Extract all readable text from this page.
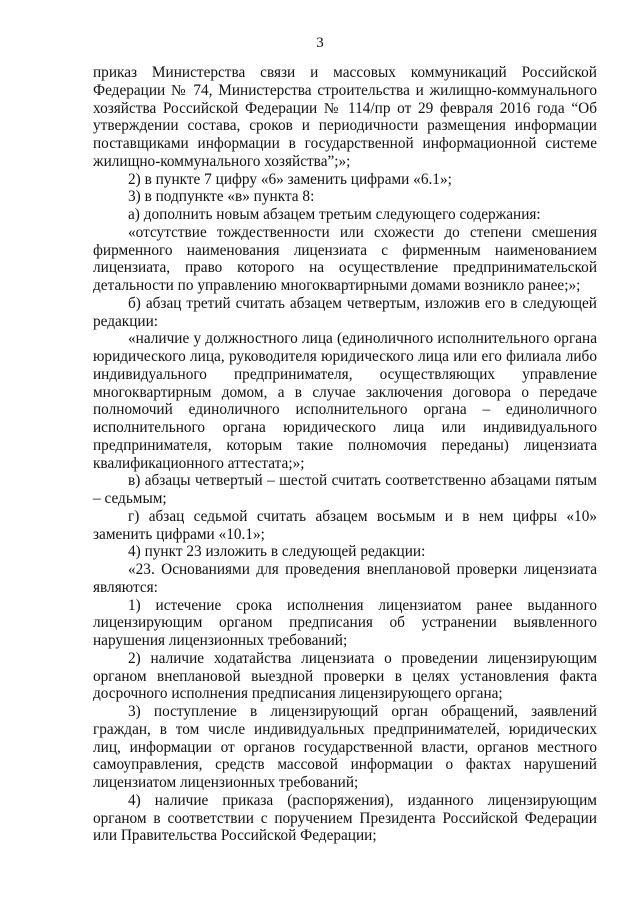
3

приказ Министерства связи и массовых коммуникаций Российской Федерации № 74, Министерства строительства и жилищно-коммунального хозяйства Российской Федерации № 114/пр от 29 февраля 2016 года “Об утверждении состава, сроков и периодичности размещения информации поставщиками информации в государственной информационной системе жилищно-коммунального хозяйства”;»;

2) в пункте 7 цифру «6» заменить цифрами «6.1»;

3) в подпункте «в» пункта 8:

а) дополнить новым абзацем третьим следующего содержания:

«отсутствие тождественности или схожести до степени смешения фирменного наименования лицензиата с фирменным наименованием лицензиата, право которого на осуществление предпринимательской детальности по управлению многоквартирными домами возникло ранее;»;

б) абзац третий считать абзацем четвертым, изложив его в следующей редакции:

«наличие у должностного лица (единоличного исполнительного органа юридического лица, руководителя юридического лица или его филиала либо индивидуального предпринимателя, осуществляющих управление многоквартирным домом, а в случае заключения договора о передаче полномочий единоличного исполнительного органа – единоличного исполнительного органа юридического лица или индивидуального предпринимателя, которым такие полномочия переданы) лицензиата квалификационного аттестата;»;

в) абзацы четвертый – шестой считать соответственно абзацами пятым – седьмым;

г) абзац седьмой считать абзацем восьмым и в нем цифры «10» заменить цифрами «10.1»;

4) пункт 23 изложить в следующей редакции:

«23. Основаниями для проведения внеплановой проверки лицензиата являются:

1) истечение срока исполнения лицензиатом ранее выданного лицензирующим органом предписания об устранении выявленного нарушения лицензионных требований;

2) наличие ходатайства лицензиата о проведении лицензирующим органом внеплановой выездной проверки в целях установления факта досрочного исполнения предписания лицензирующего органа;

3) поступление в лицензирующий орган обращений, заявлений граждан, в том числе индивидуальных предпринимателей, юридических лиц, информации от органов государственной власти, органов местного самоуправления, средств массовой информации о фактах нарушений лицензиатом лицензионных требований;

4) наличие приказа (распоряжения), изданного лицензирующим органом в соответствии с поручением Президента Российской Федерации или Правительства Российской Федерации;
